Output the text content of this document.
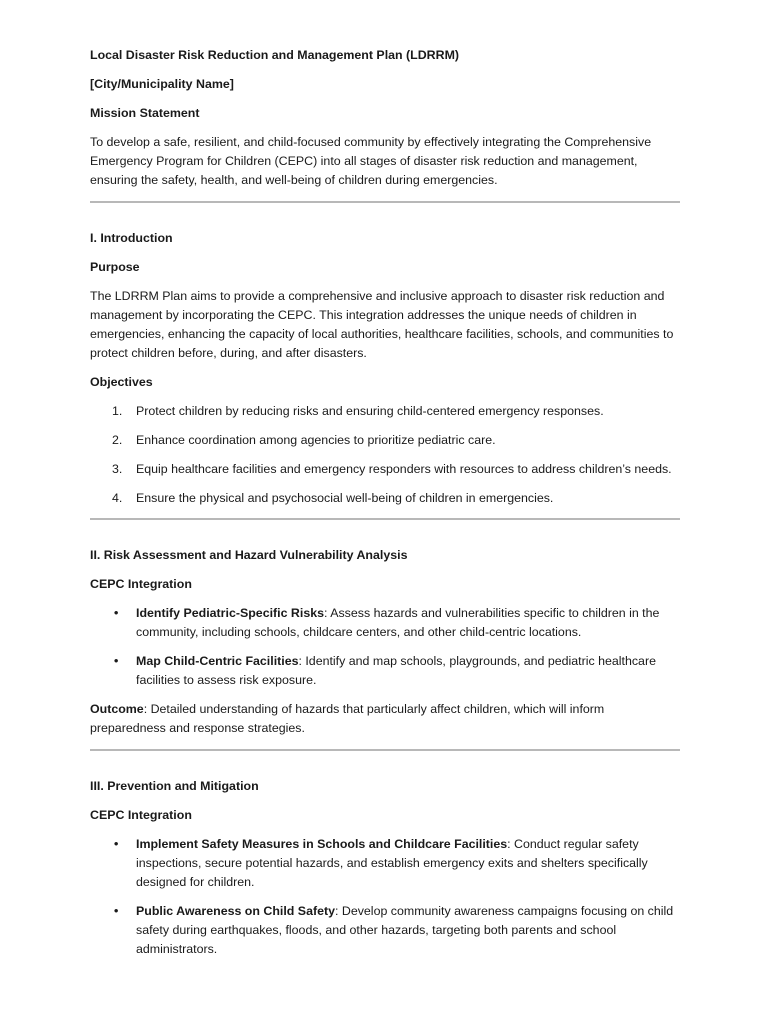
Local Disaster Risk Reduction and Management Plan (LDRRM)
[City/Municipality Name]
Mission Statement
To develop a safe, resilient, and child-focused community by effectively integrating the Comprehensive Emergency Program for Children (CEPC) into all stages of disaster risk reduction and management, ensuring the safety, health, and well-being of children during emergencies.
I. Introduction
Purpose
The LDRRM Plan aims to provide a comprehensive and inclusive approach to disaster risk reduction and management by incorporating the CEPC. This integration addresses the unique needs of children in emergencies, enhancing the capacity of local authorities, healthcare facilities, schools, and communities to protect children before, during, and after disasters.
Objectives
1. Protect children by reducing risks and ensuring child-centered emergency responses.
2. Enhance coordination among agencies to prioritize pediatric care.
3. Equip healthcare facilities and emergency responders with resources to address children’s needs.
4. Ensure the physical and psychosocial well-being of children in emergencies.
II. Risk Assessment and Hazard Vulnerability Analysis
CEPC Integration
• Identify Pediatric-Specific Risks: Assess hazards and vulnerabilities specific to children in the community, including schools, childcare centers, and other child-centric locations.
• Map Child-Centric Facilities: Identify and map schools, playgrounds, and pediatric healthcare facilities to assess risk exposure.
Outcome: Detailed understanding of hazards that particularly affect children, which will inform preparedness and response strategies.
III. Prevention and Mitigation
CEPC Integration
• Implement Safety Measures in Schools and Childcare Facilities: Conduct regular safety inspections, secure potential hazards, and establish emergency exits and shelters specifically designed for children.
• Public Awareness on Child Safety: Develop community awareness campaigns focusing on child safety during earthquakes, floods, and other hazards, targeting both parents and school administrators.
